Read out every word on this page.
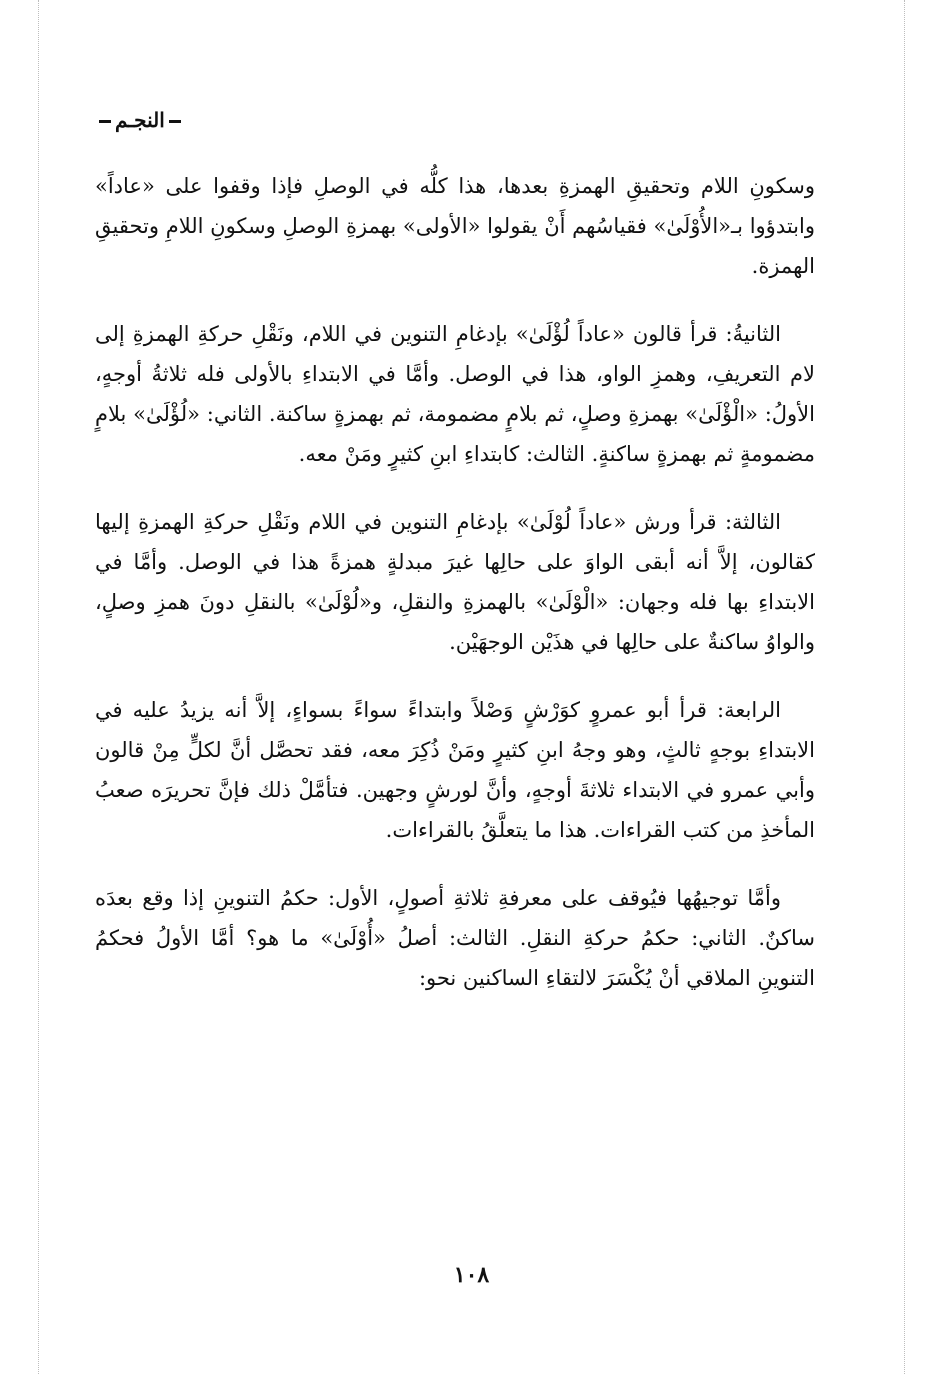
النجـم

وسكونِ اللام وتحقيقِ الهمزةِ بعدها، هذا كلُّه في الوصلِ فإذا وقفوا على «عاداً» وابتدؤوا بـ«الأُوْلَىٰ» فقياسُهم أَنْ يقولوا «الأولى» بهمزةِ الوصلِ وسكونِ اللامِ وتحقيقِ الهمزة.

الثانيةُ: قرأ قالون «عاداً لُؤْلَىٰ» بإدغامِ التنوين في اللام، ونَقْلِ حركةِ الهمزةِ إلى لام التعريفِ، وهمزِ الواو، هذا في الوصل. وأمَّا في الابتداءِ بالأولى فله ثلاثةُ أوجهٍ، الأولُ: «الْؤْلَىٰ» بهمزةِ وصلٍ، ثم بلامٍ مضمومة، ثم بهمزةٍ ساكنة. الثاني: «لُؤْلَىٰ» بلامٍ مضمومةٍ ثم بهمزةٍ ساكنةٍ. الثالث: كابتداءِ ابنِ كثيرٍ ومَنْ معه.

الثالثة: قرأ ورش «عاداً لُوْلَىٰ» بإدغامِ التنوين في اللام ونَقْلِ حركةِ الهمزةِ إليها كقالون، إلاَّ أنه أبقى الواوَ على حالِها غيرَ مبدلةٍ همزةً هذا في الوصل. وأمَّا في الابتداءِ بها فله وجهان: «الْوْلَىٰ» بالهمزةِ والنقلِ، و«لُوْلَىٰ» بالنقلِ دونَ همزِ وصلٍ، والواوُ ساكنةٌ على حالِها في هذَيْن الوجهَيْن.

الرابعة: قرأ أبو عمروٍ كوَرْشٍ وَصْلاً وابتداءً سواءً بسواءٍ، إلاَّ أنه يزيدُ عليه في الابتداءِ بوجهٍ ثالثٍ، وهو وجهُ ابنِ كثيرٍ ومَنْ ذُكِرَ معه، فقد تحصَّل أنَّ لكلٍّ مِنْ قالون وأبي عمرو في الابتداء ثلاثةَ أوجهٍ، وأنَّ لورشٍ وجهين. فتأمَّلْ ذلك فإنَّ تحريرَه صعبُ المأخذِ من كتب القراءات. هذا ما يتعلَّقُ بالقراءات.

وأمَّا توجيهُها فيُوقف على معرفةِ ثلاثةِ أصولٍ، الأول: حكمُ التنوينِ إذا وقع بعدَه ساكنٌ. الثاني: حكمُ حركةِ النقلِ. الثالث: أصلُ «أُوْلَىٰ» ما هو؟ أمَّا الأولُ فحكمُ التنوينِ الملاقي أنْ يُكْسَرَ لالتقاءِ الساكنين نحو:

١٠٨
